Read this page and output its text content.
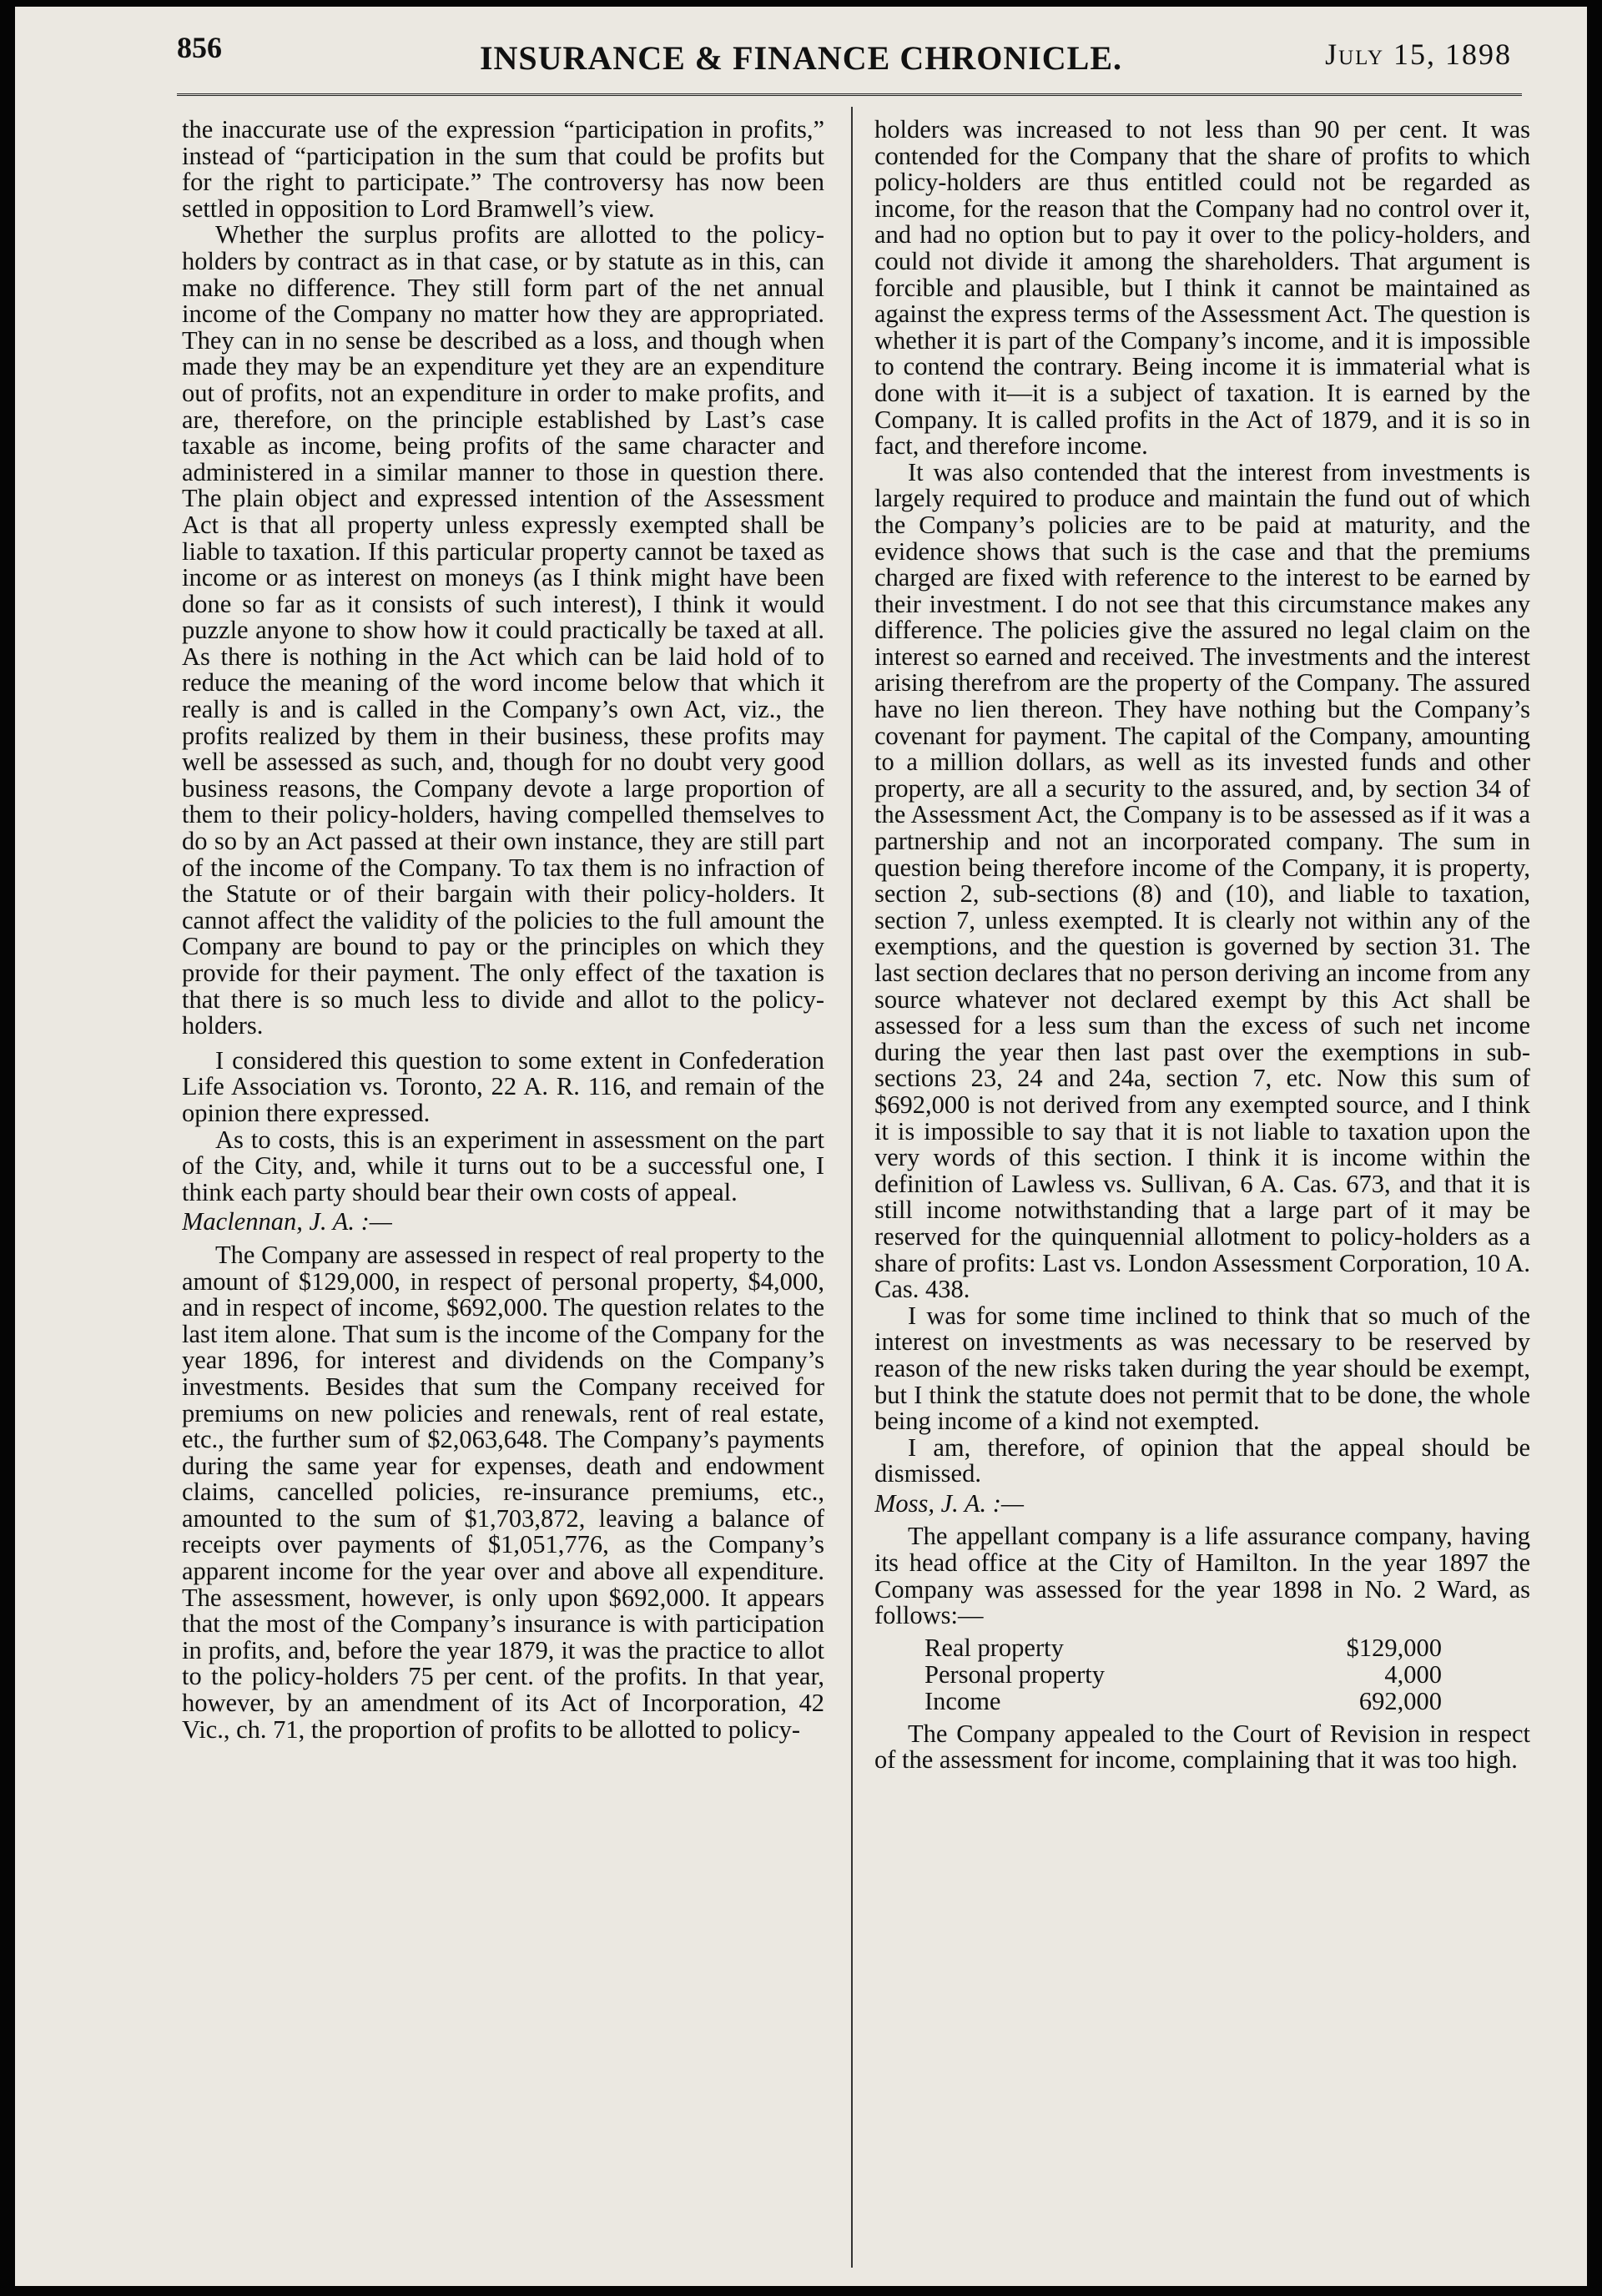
856	INSURANCE & FINANCE CHRONICLE.	July 15, 1898

the inaccurate use of the expression “participation in profits,” instead of “participation in the sum that could be profits but for the right to participate.” The controversy has now been settled in opposition to Lord Bramwell’s view.

Whether the surplus profits are allotted to the policy-holders by contract as in that case, or by statute as in this, can make no difference. They still form part of the net annual income of the Company no matter how they are appropriated. They can in no sense be described as a loss, and though when made they may be an expenditure yet they are an expenditure out of profits, not an expenditure in order to make profits, and are, therefore, on the principle established by Last’s case taxable as income, being profits of the same character and administered in a similar manner to those in question there. The plain object and expressed intention of the Assessment Act is that all property unless expressly exempted shall be liable to taxation. If this particular property cannot be taxed as income or as interest on moneys (as I think might have been done so far as it consists of such interest), I think it would puzzle anyone to show how it could practically be taxed at all. As there is nothing in the Act which can be laid hold of to reduce the meaning of the word income below that which it really is and is called in the Company’s own Act, viz., the profits realized by them in their business, these profits may well be assessed as such, and, though for no doubt very good business reasons, the Company devote a large proportion of them to their policy-holders, having compelled themselves to do so by an Act passed at their own instance, they are still part of the income of the Company. To tax them is no infraction of the Statute or of their bargain with their policy-holders. It cannot affect the validity of the policies to the full amount the Company are bound to pay or the principles on which they provide for their payment. The only effect of the taxation is that there is so much less to divide and allot to the policy-holders.

I considered this question to some extent in Confederation Life Association vs. Toronto, 22 A. R. 116, and remain of the opinion there expressed.

As to costs, this is an experiment in assessment on the part of the City, and, while it turns out to be a successful one, I think each party should bear their own costs of appeal.

Maclennan, J. A. :—

The Company are assessed in respect of real property to the amount of $129,000, in respect of personal property, $4,000, and in respect of income, $692,000. The question relates to the last item alone. That sum is the income of the Company for the year 1896, for interest and dividends on the Company’s investments. Besides that sum the Company received for premiums on new policies and renewals, rent of real estate, etc., the further sum of $2,063,648. The Company’s payments during the same year for expenses, death and endowment claims, cancelled policies, re-insurance premiums, etc., amounted to the sum of $1,703,872, leaving a balance of receipts over payments of $1,051,776, as the Company’s apparent income for the year over and above all expenditure. The assessment, however, is only upon $692,000. It appears that the most of the Company’s insurance is with participation in profits, and, before the year 1879, it was the practice to allot to the policy-holders 75 per cent. of the profits. In that year, however, by an amendment of its Act of Incorporation, 42 Vic., ch. 71, the proportion of profits to be allotted to policy-

holders was increased to not less than 90 per cent. It was contended for the Company that the share of profits to which policy-holders are thus entitled could not be regarded as income, for the reason that the Company had no control over it, and had no option but to pay it over to the policy-holders, and could not divide it among the shareholders. That argument is forcible and plausible, but I think it cannot be maintained as against the express terms of the Assessment Act. The question is whether it is part of the Company’s income, and it is impossible to contend the contrary. Being income it is immaterial what is done with it—it is a subject of taxation. It is earned by the Company. It is called profits in the Act of 1879, and it is so in fact, and therefore income.

It was also contended that the interest from investments is largely required to produce and maintain the fund out of which the Company’s policies are to be paid at maturity, and the evidence shows that such is the case and that the premiums charged are fixed with reference to the interest to be earned by their investment. I do not see that this circumstance makes any difference. The policies give the assured no legal claim on the interest so earned and received. The investments and the interest arising therefrom are the property of the Company. The assured have no lien thereon. They have nothing but the Company’s covenant for payment. The capital of the Company, amounting to a million dollars, as well as its invested funds and other property, are all a security to the assured, and, by section 34 of the Assessment Act, the Company is to be assessed as if it was a partnership and not an incorporated company. The sum in question being therefore income of the Company, it is property, section 2, sub-sections (8) and (10), and liable to taxation, section 7, unless exempted. It is clearly not within any of the exemptions, and the question is governed by section 31. The last section declares that no person deriving an income from any source whatever not declared exempt by this Act shall be assessed for a less sum than the excess of such net income during the year then last past over the exemptions in sub-sections 23, 24 and 24a, section 7, etc. Now this sum of $692,000 is not derived from any exempted source, and I think it is impossible to say that it is not liable to taxation upon the very words of this section. I think it is income within the definition of Lawless vs. Sullivan, 6 A. Cas. 673, and that it is still income notwithstanding that a large part of it may be reserved for the quinquennial allotment to policy-holders as a share of profits: Last vs. London Assessment Corporation, 10 A. Cas. 438.

I was for some time inclined to think that so much of the interest on investments as was necessary to be reserved by reason of the new risks taken during the year should be exempt, but I think the statute does not permit that to be done, the whole being income of a kind not exempted.

I am, therefore, of opinion that the appeal should be dismissed.

Moss, J. A. :—

The appellant company is a life assurance company, having its head office at the City of Hamilton. In the year 1897 the Company was assessed for the year 1898 in No. 2 Ward, as follows:—

Real property	$129,000
Personal property	4,000
Income	692,000

The Company appealed to the Court of Revision in respect of the assessment for income, complaining that it was too high.
